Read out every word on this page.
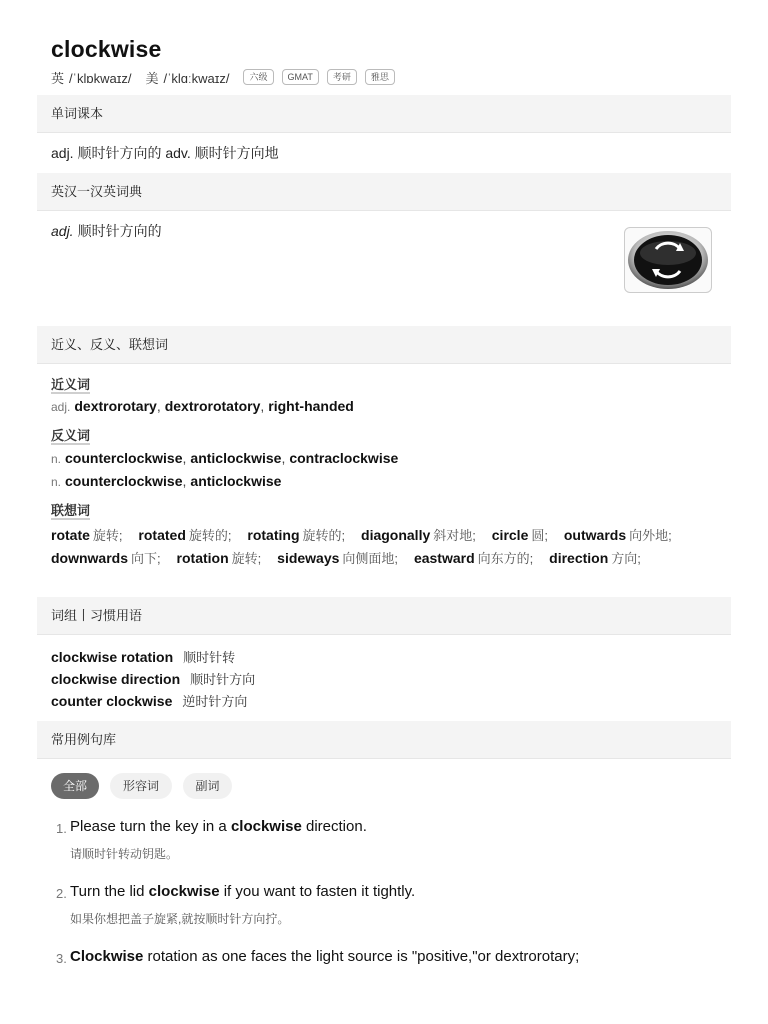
clockwise
英 /ˈklɒkwaɪz/ 美 /ˈklɑːkwaɪz/	六级	GMAT	考研	雅思
单词课本
adj. 顺时针方向的 adv. 顺时针方向地
英汉一汉英词典
adj. 顺时针方向的
近义、反义、联想词
近义词
adj. dextrorotary, dextrorotatory, right-handed
反义词
n. counterclockwise, anticlockwise, contraclockwise
n. counterclockwise, anticlockwise
联想词
rotate 旋转; rotated 旋转的; rotating 旋转的; diagonally 斜对地; circle 圆; outwards 向外地; downwards 向下; rotation 旋转; sideways 向侧面地; eastward 向东方的; direction 方向;
词组丨习惯用语
clockwise rotation 顺时针转
clockwise direction 顺时针方向
counter clockwise 逆时针方向
常用例句库
全部	形容词	副词
1. Please turn the key in a clockwise direction.
请顺时针转动钥匙。
2. Turn the lid clockwise if you want to fasten it tightly.
如果你想把盖子旋紧,就按顺时针方向拧。
3. Clockwise rotation as one faces the light source is "positive,"or dextrorotary;
